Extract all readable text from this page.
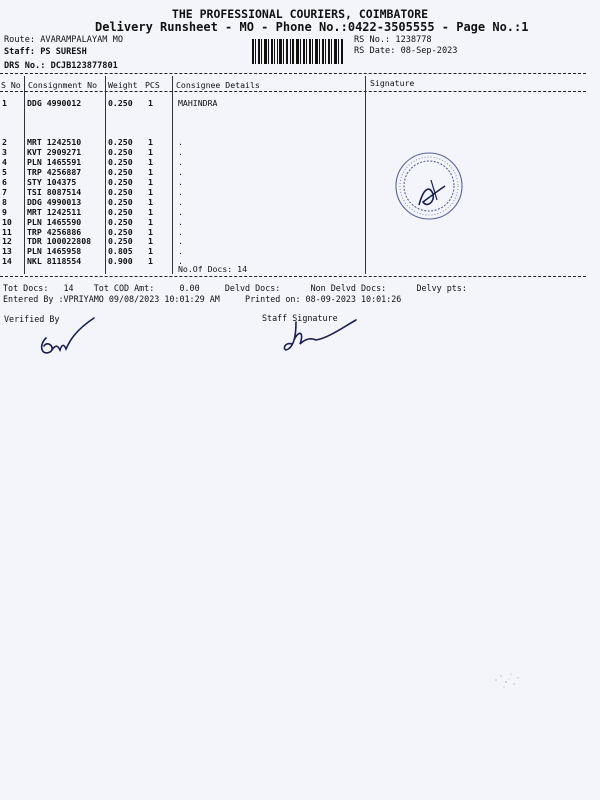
THE PROFESSIONAL COURIERS, COIMBATORE
Delivery Runsheet - MO - Phone No.:0422-3505555 - Page No.:1
Route: AVARAMPALAYAM MO
Staff: PS SURESH
DRS No.: DCJB123877801
RS No.: 1238778
RS Date: 08-Sep-2023
S No Consignment No Weight PCS Consignee Details	Signature
1 DDG 4990012	0.250 1	MAHINDRA
2 MRT 1242510	0.250 1	.
3 KVT 2909271	0.250 1	.
4 PLN 1465591	0.250 1	.
5 TRP 4256887	0.250 1	.
6 STY 104375	0.250 1	.
7 TSI 8087514	0.250 1	.
8 DDG 4990013	0.250 1	.
9 MRT 1242511	0.250 1	.
10 PLN 1465590	0.250 1	.
11 TRP 4256886	0.250 1	.
12 TDR 100022808 0.250 1	.
13 PLN 1465958	0.805 1	.
14 NKL 8118554	0.900 1	.
No.Of Docs: 14
Tot Docs:   14    Tot COD Amt:     0.00     Delvd Docs:      Non Delvd Docs:      Delvy pts:
Entered By :VPRIYAMO 09/08/2023 10:01:29 AM     Printed on: 08-09-2023 10:01:26
Verified By	Staff Signature
